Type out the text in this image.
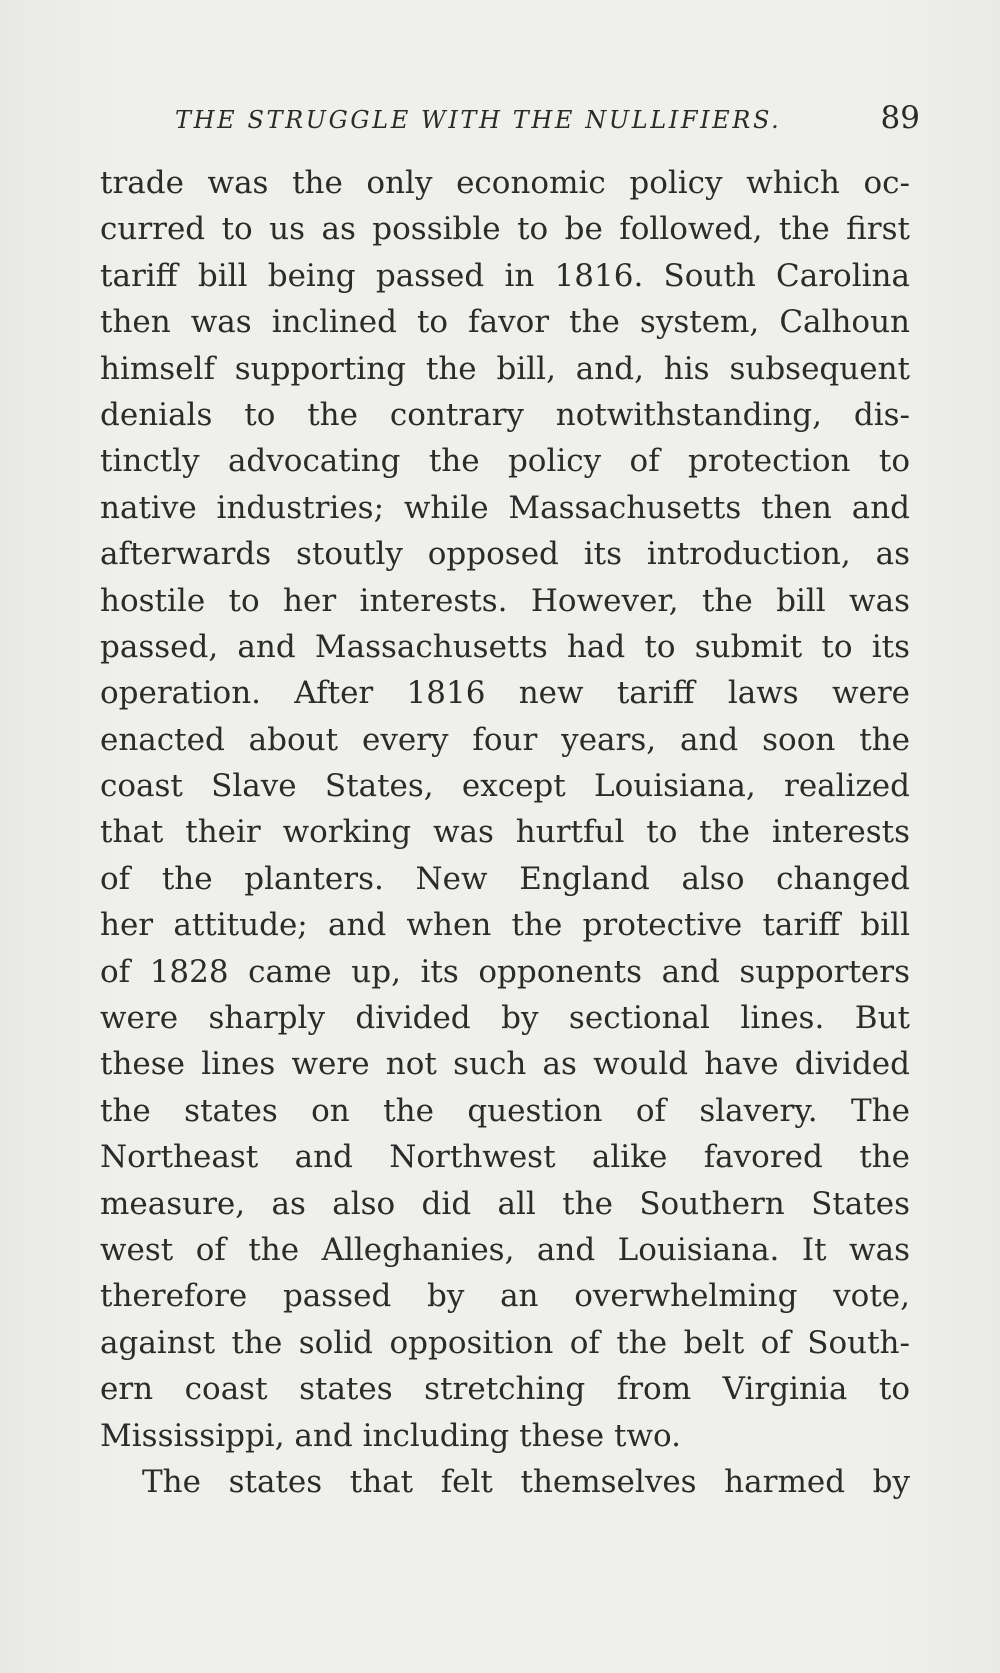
THE STRUGGLE WITH THE NULLIFIERS.	89
trade was the only economic policy which oc-
curred to us as possible to be followed, the first
tariff bill being passed in 1816. South Carolina
then was inclined to favor the system, Calhoun
himself supporting the bill, and, his subsequent
denials to the contrary notwithstanding, dis-
tinctly advocating the policy of protection to
native industries; while Massachusetts then and
afterwards stoutly opposed its introduction, as
hostile to her interests. However, the bill was
passed, and Massachusetts had to submit to its
operation. After 1816 new tariff laws were
enacted about every four years, and soon the
coast Slave States, except Louisiana, realized
that their working was hurtful to the interests
of the planters. New England also changed
her attitude; and when the protective tariff bill
of 1828 came up, its opponents and supporters
were sharply divided by sectional lines. But
these lines were not such as would have divided
the states on the question of slavery. The
Northeast and Northwest alike favored the
measure, as also did all the Southern States
west of the Alleghanies, and Louisiana. It was
therefore passed by an overwhelming vote,
against the solid opposition of the belt of South-
ern coast states stretching from Virginia to
Mississippi, and including these two.
The states that felt themselves harmed by
